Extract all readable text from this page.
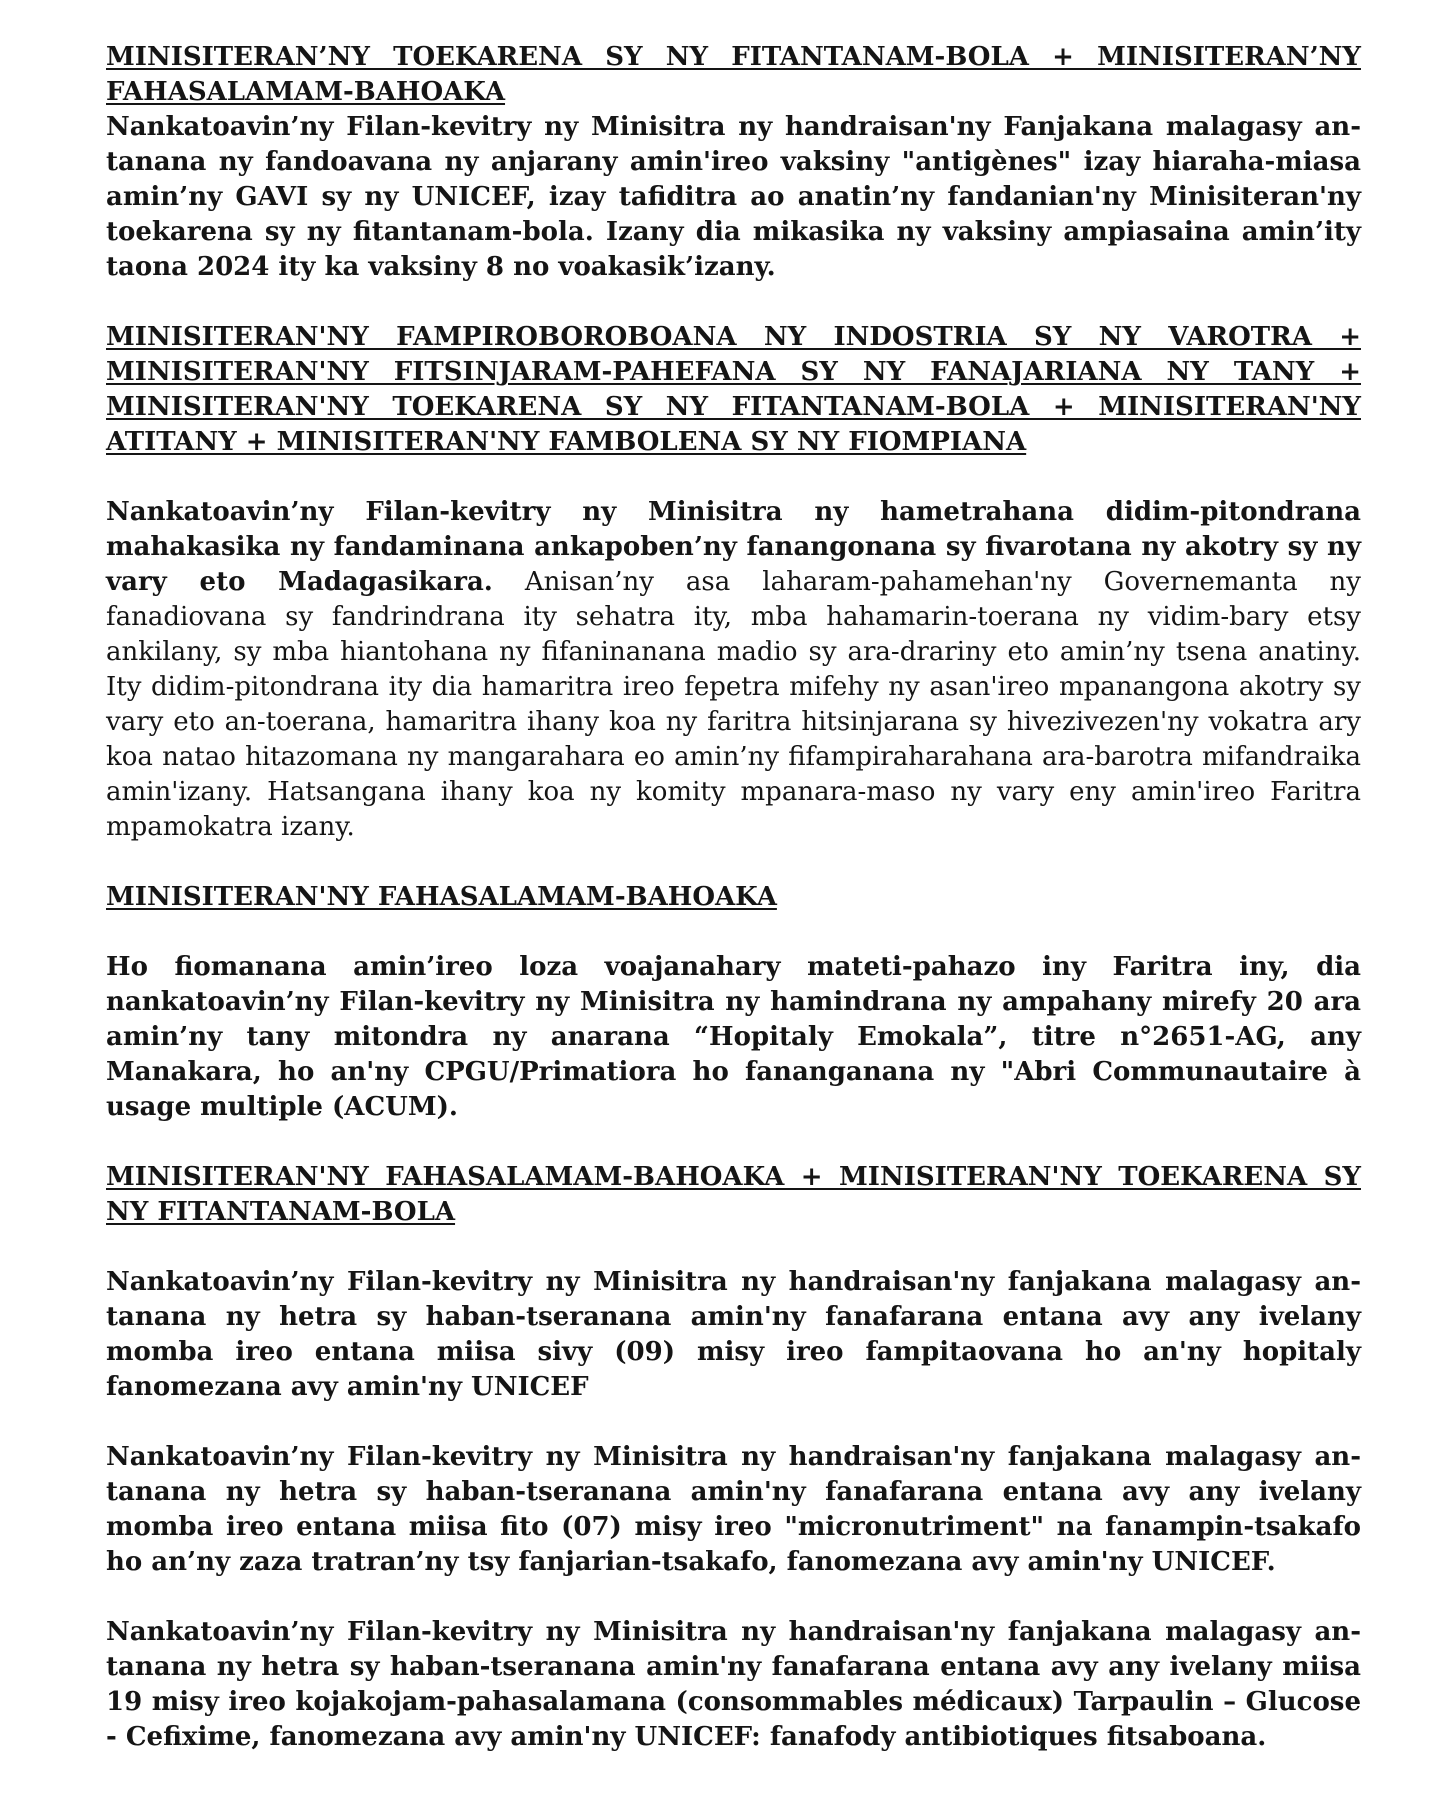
MINISITERAN’NY TOEKARENA SY NY FITANTANAM-BOLA + MINISITERAN’NY FAHASALAMAM-BAHOAKA

Nankatoavin’ny Filan-kevitry ny Minisitra ny handraisan'ny Fanjakana malagasy an-tanana ny fandoavana ny anjarany amin'ireo vaksiny "antigènes" izay hiaraha-miasa amin’ny GAVI sy ny UNICEF, izay tafiditra ao anatin’ny fandanian'ny Minisiteran'ny toekarena sy ny fitantanam-bola. Izany dia mikasika ny vaksiny ampiasaina amin’ity taona 2024 ity ka vaksiny 8 no voakasik’izany.

MINISITERAN'NY FAMPIROBOROBOANA NY INDOSTRIA SY NY VAROTRA + MINISITERAN'NY FITSINJARAM-PAHEFANA SY NY FANAJARIANA NY TANY + MINISITERAN'NY TOEKARENA SY NY FITANTANAM-BOLA + MINISITERAN'NY ATITANY + MINISITERAN'NY FAMBOLENA SY NY FIOMPIANA

Nankatoavin’ny Filan-kevitry ny Minisitra ny hametrahana didim-pitondrana mahakasika ny fandaminana ankapoben’ny fanangonana sy fivarotana ny akotry sy ny vary eto Madagasikara. Anisan’ny asa laharam-pahamehan'ny Governemanta ny fanadiovana sy fandrindrana ity sehatra ity, mba hahamarin-toerana ny vidim-bary etsy ankilany, sy mba hiantohana ny fifaninanana madio sy ara-drariny eto amin’ny tsena anatiny. Ity didim-pitondrana ity dia hamaritra ireo fepetra mifehy ny asan'ireo mpanangona akotry sy vary eto an-toerana, hamaritra ihany koa ny faritra hitsinjarana sy hivezivezen'ny vokatra ary koa natao hitazomana ny mangarahara eo amin’ny fifampiraharahana ara-barotra mifandraika amin'izany. Hatsangana ihany koa ny komity mpanara-maso ny vary eny amin'ireo Faritra mpamokatra izany.

MINISITERAN'NY FAHASALAMAM-BAHOAKA

Ho fiomanana amin’ireo loza voajanahary mateti-pahazo iny Faritra iny, dia nankatoavin’ny Filan-kevitry ny Minisitra ny hamindrana ny ampahany mirefy 20 ara amin’ny tany mitondra ny anarana “Hopitaly Emokala”, titre n°2651-AG, any Manakara, ho an'ny CPGU/Primatiora ho fananganana ny "Abri Communautaire à usage multiple (ACUM).

MINISITERAN'NY FAHASALAMAM-BAHOAKA + MINISITERAN'NY TOEKARENA SY NY FITANTANAM-BOLA

Nankatoavin’ny Filan-kevitry ny Minisitra ny handraisan'ny fanjakana malagasy an-tanana ny hetra sy haban-tseranana amin'ny fanafarana entana avy any ivelany momba ireo entana miisa sivy (09) misy ireo fampitaovana ho an'ny hopitaly fanomezana avy amin'ny UNICEF

Nankatoavin’ny Filan-kevitry ny Minisitra ny handraisan'ny fanjakana malagasy an-tanana ny hetra sy haban-tseranana amin'ny fanafarana entana avy any ivelany momba ireo entana miisa fito (07) misy ireo "micronutriment" na fanampin-tsakafo ho an’ny zaza tratran’ny tsy fanjarian-tsakafo, fanomezana avy amin'ny UNICEF.

Nankatoavin’ny Filan-kevitry ny Minisitra ny handraisan'ny fanjakana malagasy an-tanana ny hetra sy haban-tseranana amin'ny fanafarana entana avy any ivelany miisa 19 misy ireo kojakojam-pahasalamana (consommables médicaux) Tarpaulin – Glucose - Cefixime, fanomezana avy amin'ny UNICEF: fanafody antibiotiques fitsaboana.
